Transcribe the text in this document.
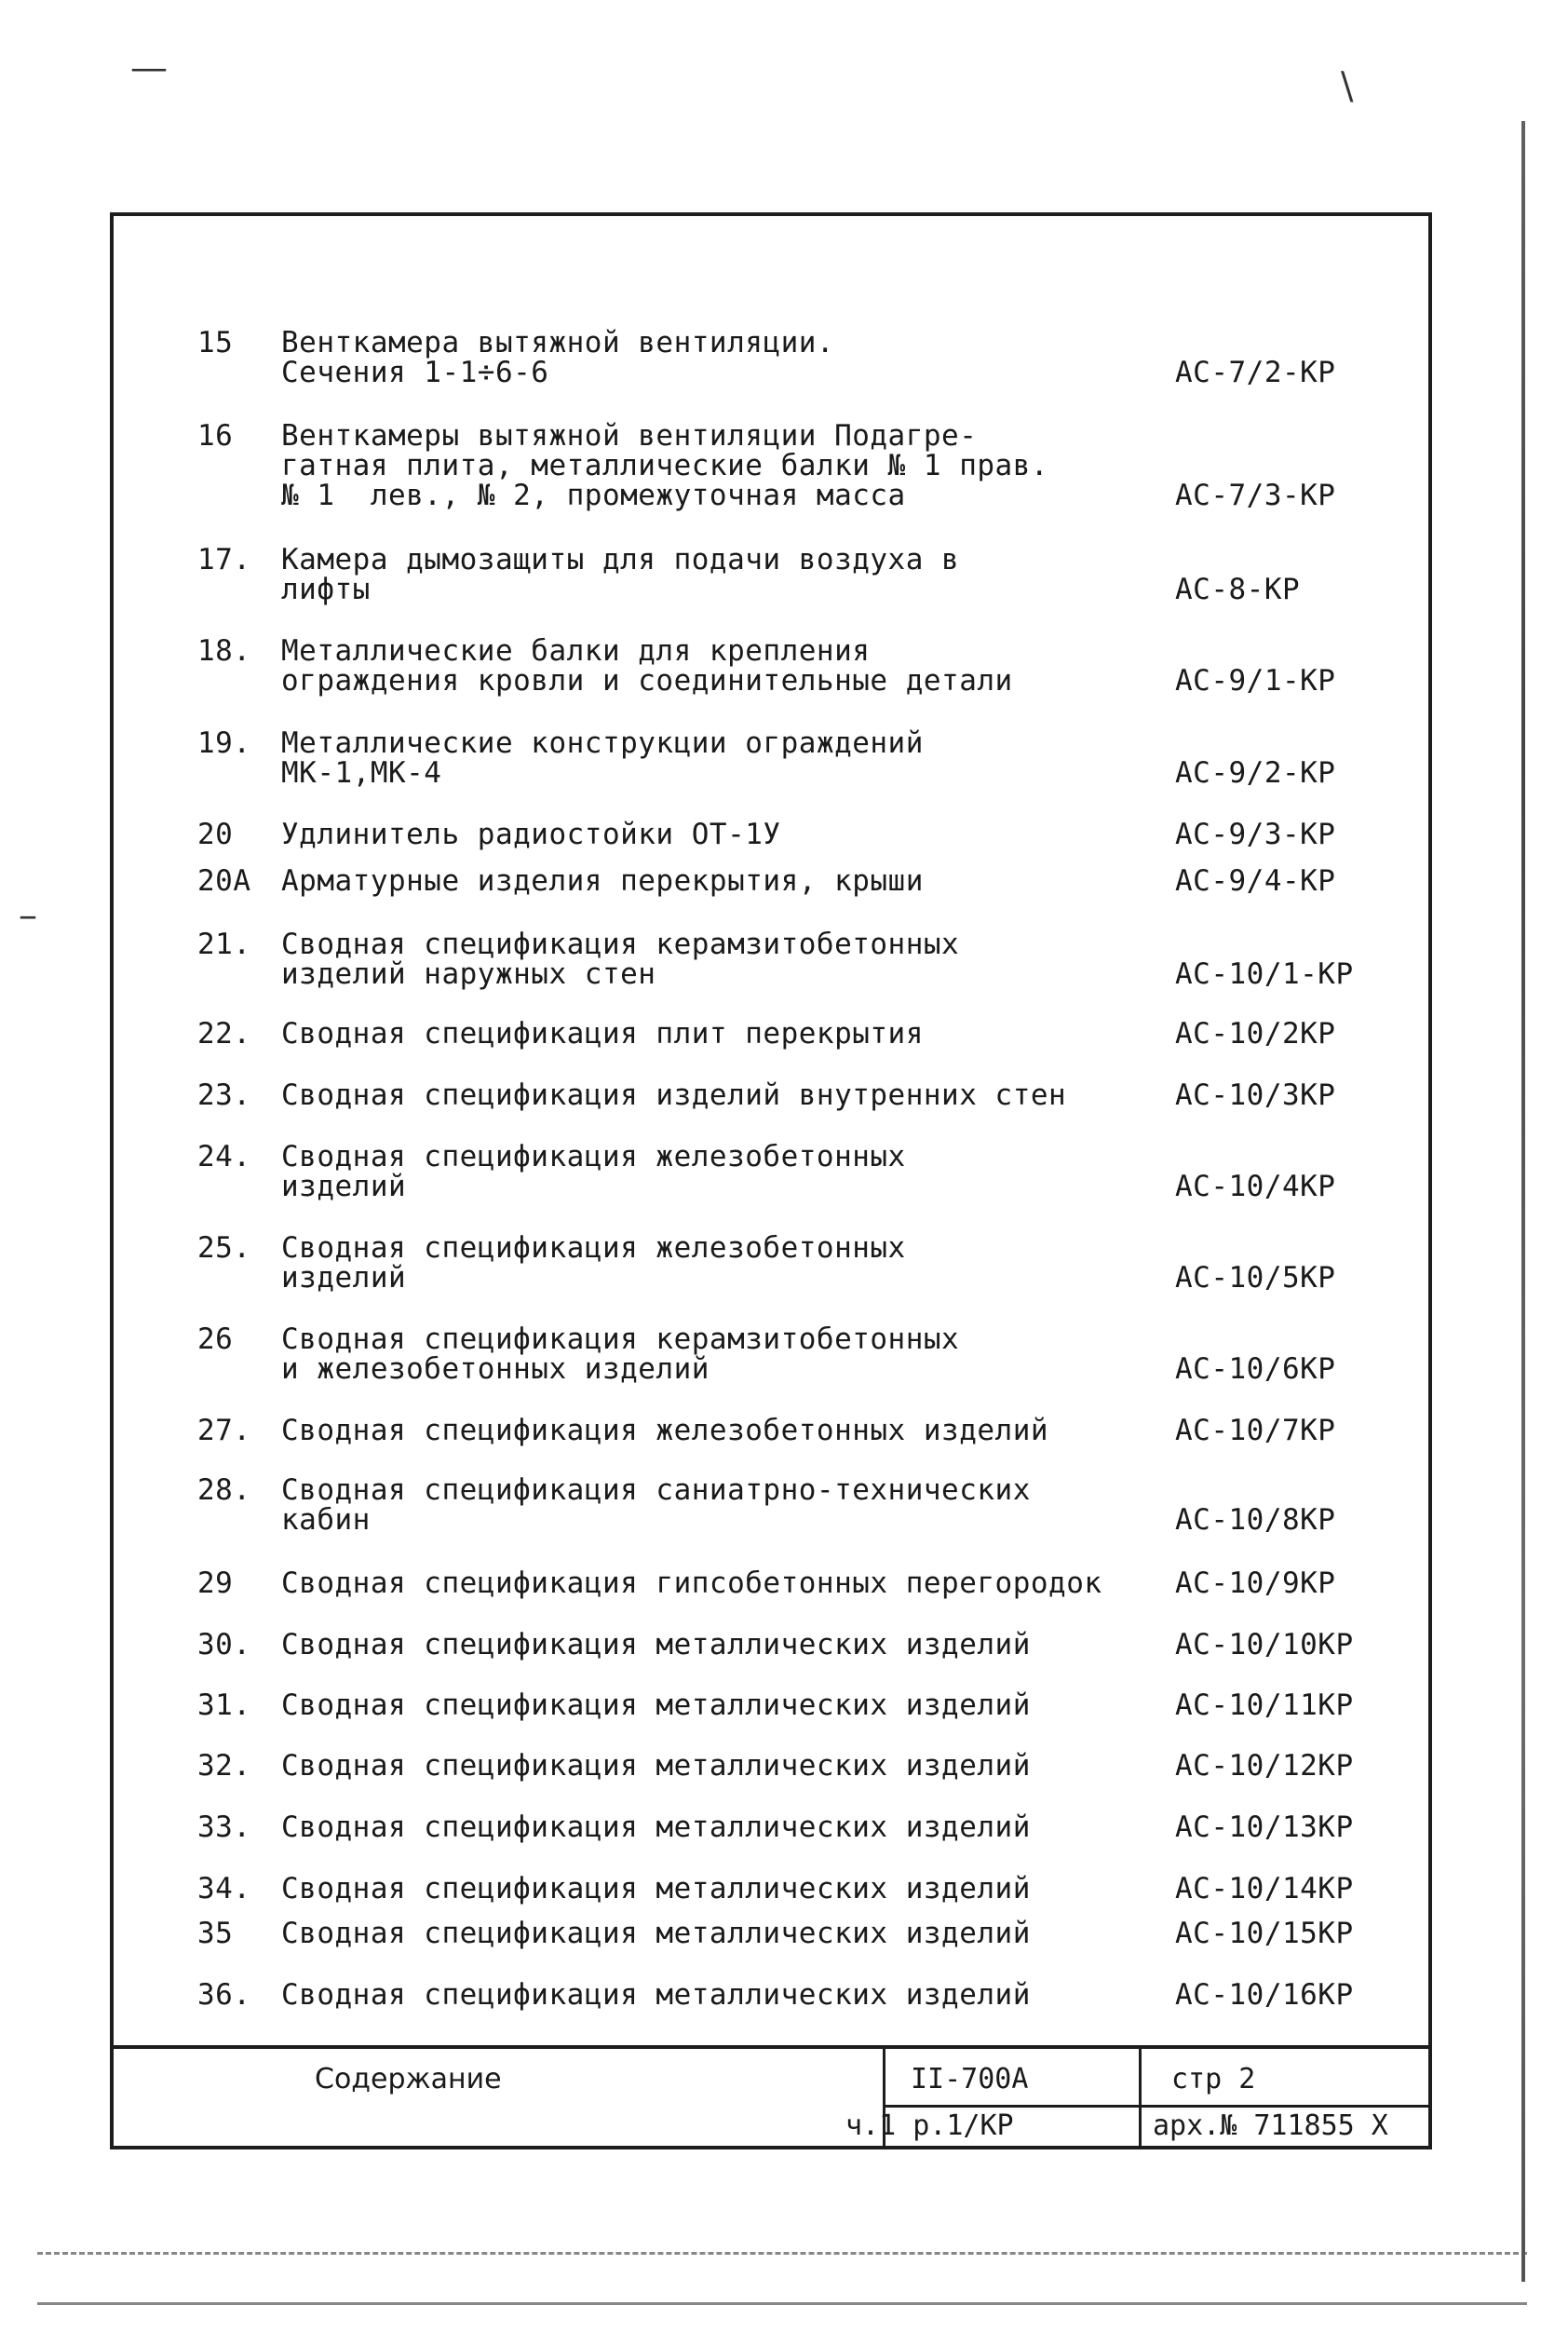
—	\
–
15	Венткамера вытяжной вентиляции.
Сечения 1-1÷6-6	АС-7/2-КР
16	Венткамеры вытяжной вентиляции Подагре-
гатная плита, металлические балки № 1 прав.
№ 1  лев., № 2, промежуточная масса	АС-7/3-КР
17.	Камера дымозащиты для подачи воздуха в
лифты	АС-8-КР
18.	Металлические балки для крепления
ограждения кровли и соединительные детали	АС-9/1-КР
19.	Металлические конструкции ограждений
МК-1,МК-4	АС-9/2-КР
20	Удлинитель радиостойки ОТ-1У	АС-9/3-КР
20А	Арматурные изделия перекрытия, крыши	АС-9/4-КР
21.	Сводная спецификация керамзитобетонных
изделий наружных стен	АС-10/1-КР
22.	Сводная спецификация плит перекрытия	АС-10/2КР
23.	Сводная спецификация изделий внутренних стен	АС-10/3КР
24.	Сводная спецификация железобетонных
изделий	АС-10/4КР
25.	Сводная спецификация железобетонных
изделий	АС-10/5КР
26	Сводная спецификация керамзитобетонных
и железобетонных изделий	АС-10/6КР
27.	Сводная спецификация железобетонных изделий	АС-10/7КР
28.	Сводная спецификация саниатрно-технических
кабин	АС-10/8КР
29	Сводная спецификация гипсобетонных перегородок	АС-10/9КР
30.	Сводная спецификация металлических изделий	АС-10/10КР
31.	Сводная спецификация металлических изделий	АС-10/11КР
32.	Сводная спецификация металлических изделий	АС-10/12КР
33.	Сводная спецификация металлических изделий	АС-10/13КР
34.	Сводная спецификация металлических изделий	АС-10/14КР
35	Сводная спецификация металлических изделий	АС-10/15КР
36.	Сводная спецификация металлических изделий	АС-10/16КР
Содержание	II-700А	стр 2
ч.1 р.1/КР	арх.№ 711855 Х
